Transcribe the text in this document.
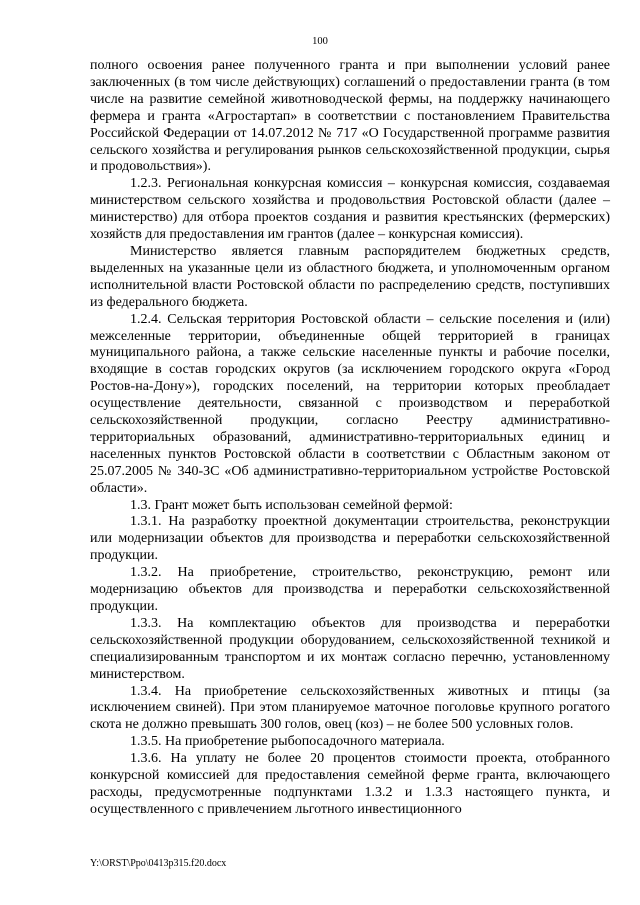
100

полного освоения ранее полученного гранта и при выполнении условий ранее заключенных (в том числе действующих) соглашений о предоставлении гранта (в том числе на развитие семейной животноводческой фермы, на поддержку начинающего фермера и гранта «Агростартап» в соответствии с постановлением Правительства Российской Федерации от 14.07.2012 № 717 «О Государственной программе развития сельского хозяйства и регулирования рынков сельскохозяйственной продукции, сырья и продовольствия»).

1.2.3. Региональная конкурсная комиссия – конкурсная комиссия, создаваемая министерством сельского хозяйства и продовольствия Ростовской области (далее – министерство) для отбора проектов создания и развития крестьянских (фермерских) хозяйств для предоставления им грантов (далее – конкурсная комиссия).

Министерство является главным распорядителем бюджетных средств, выделенных на указанные цели из областного бюджета, и уполномоченным органом исполнительной власти Ростовской области по распределению средств, поступивших из федерального бюджета.

1.2.4. Сельская территория Ростовской области – сельские поселения и (или) межселенные территории, объединенные общей территорией в границах муниципального района, а также сельские населенные пункты и рабочие поселки, входящие в состав городских округов (за исключением городского округа «Город Ростов-на-Дону»), городских поселений, на территории которых преобладает осуществление деятельности, связанной с производством и переработкой сельскохозяйственной продукции, согласно Реестру административно-территориальных образований, административно-территориальных единиц и населенных пунктов Ростовской области в соответствии с Областным законом от 25.07.2005 № 340-ЗС «Об административно-территориальном устройстве Ростовской области».

1.3. Грант может быть использован семейной фермой:

1.3.1. На разработку проектной документации строительства, реконструкции или модернизации объектов для производства и переработки сельскохозяйственной продукции.

1.3.2. На приобретение, строительство, реконструкцию, ремонт или модернизацию объектов для производства и переработки сельскохозяйственной продукции.

1.3.3. На комплектацию объектов для производства и переработки сельскохозяйственной продукции оборудованием, сельскохозяйственной техникой и специализированным транспортом и их монтаж согласно перечню, установленному министерством.

1.3.4. На приобретение сельскохозяйственных животных и птицы (за исключением свиней). При этом планируемое маточное поголовье крупного рогатого скота не должно превышать 300 голов, овец (коз) – не более 500 условных голов.

1.3.5. На приобретение рыбопосадочного материала.

1.3.6. На уплату не более 20 процентов стоимости проекта, отобранного конкурсной комиссией для предоставления семейной ферме гранта, включающего расходы, предусмотренные подпунктами 1.3.2 и 1.3.3 настоящего пункта, и осуществленного с привлечением льготного инвестиционного

Y:\ORST\Ppo\0413p315.f20.docx
